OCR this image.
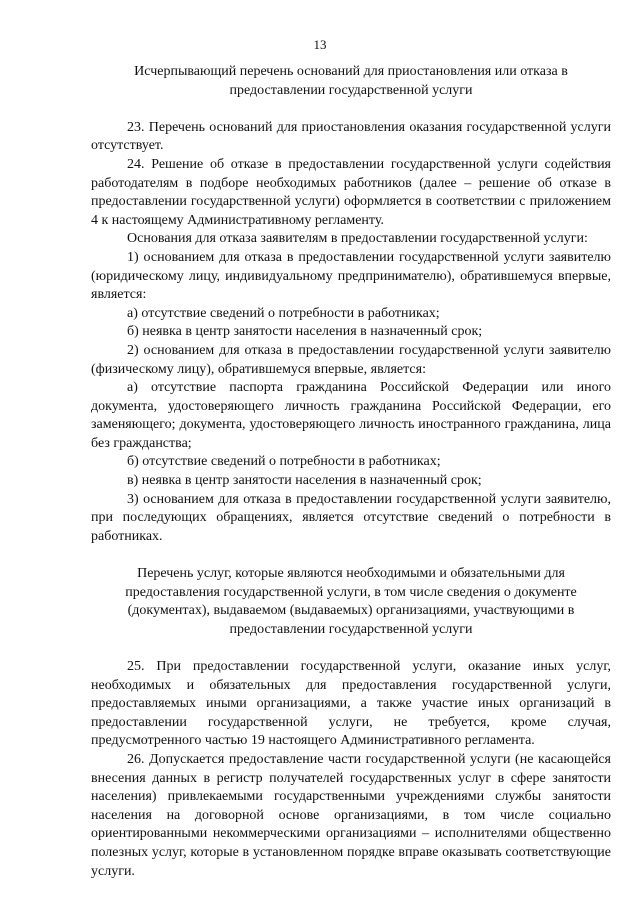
13
Исчерпывающий перечень оснований для приостановления или отказа в предоставлении государственной услуги

23. Перечень оснований для приостановления оказания государственной услуги отсутствует.

24. Решение об отказе в предоставлении государственной услуги содействия работодателям в подборе необходимых работников (далее – решение об отказе в предоставлении государственной услуги) оформляется в соответствии с приложением 4 к настоящему Административному регламенту.

Основания для отказа заявителям в предоставлении государственной услуги:

1) основанием для отказа в предоставлении государственной услуги заявителю (юридическому лицу, индивидуальному предпринимателю), обратившемуся впервые, является:

а) отсутствие сведений о потребности в работниках;

б) неявка в центр занятости населения в назначенный срок;

2) основанием для отказа в предоставлении государственной услуги заявителю (физическому лицу), обратившемуся впервые, является:

а) отсутствие паспорта гражданина Российской Федерации или иного документа, удостоверяющего личность гражданина Российской Федерации, его заменяющего; документа, удостоверяющего личность иностранного гражданина, лица без гражданства;

б) отсутствие сведений о потребности в работниках;

в) неявка в центр занятости населения в назначенный срок;

3) основанием для отказа в предоставлении государственной услуги заявителю, при последующих обращениях, является отсутствие сведений о потребности в работниках.

Перечень услуг, которые являются необходимыми и обязательными для предоставления государственной услуги, в том числе сведения о документе (документах), выдаваемом (выдаваемых) организациями, участвующими в предоставлении государственной услуги

25. При предоставлении государственной услуги, оказание иных услуг, необходимых и обязательных для предоставления государственной услуги, предоставляемых иными организациями, а также участие иных организаций в предоставлении государственной услуги, не требуется, кроме случая, предусмотренного частью 19 настоящего Административного регламента.

26. Допускается предоставление части государственной услуги (не касающейся внесения данных в регистр получателей государственных услуг в сфере занятости населения) привлекаемыми государственными учреждениями службы занятости населения на договорной основе организациями, в том числе социально ориентированными некоммерческими организациями – исполнителями общественно полезных услуг, которые в установленном порядке вправе оказывать соответствующие услуги.
